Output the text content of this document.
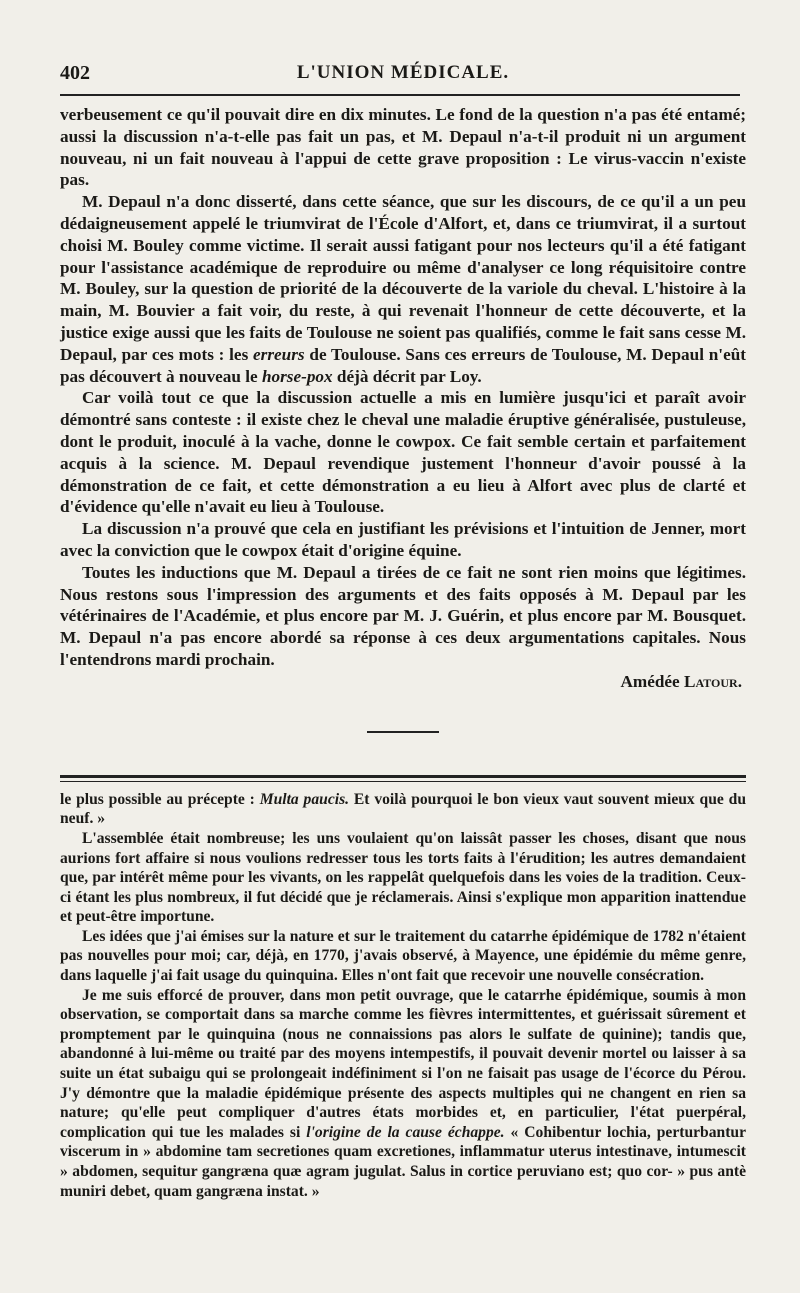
402	L'UNION MÉDICALE.

verbeusement ce qu'il pouvait dire en dix minutes. Le fond de la question n'a pas été entamé; aussi la discussion n'a-t-elle pas fait un pas, et M. Depaul n'a-t-il produit ni un argument nouveau, ni un fait nouveau à l'appui de cette grave proposition : Le virus-vaccin n'existe pas.

M. Depaul n'a donc disserté, dans cette séance, que sur les discours, de ce qu'il a un peu dédaigneusement appelé le triumvirat de l'École d'Alfort, et, dans ce triumvirat, il a surtout choisi M. Bouley comme victime. Il serait aussi fatigant pour nos lecteurs qu'il a été fatigant pour l'assistance académique de reproduire ou même d'analyser ce long réquisitoire contre M. Bouley, sur la question de priorité de la découverte de la variole du cheval. L'histoire à la main, M. Bouvier a fait voir, du reste, à qui revenait l'honneur de cette découverte, et la justice exige aussi que les faits de Toulouse ne soient pas qualifiés, comme le fait sans cesse M. Depaul, par ces mots : les erreurs de Toulouse. Sans ces erreurs de Toulouse, M. Depaul n'eût pas découvert à nouveau le horse-pox déjà décrit par Loy.

Car voilà tout ce que la discussion actuelle a mis en lumière jusqu'ici et paraît avoir démontré sans conteste : il existe chez le cheval une maladie éruptive généralisée, pustuleuse, dont le produit, inoculé à la vache, donne le cowpox. Ce fait semble certain et parfaitement acquis à la science. M. Depaul revendique justement l'honneur d'avoir poussé à la démonstration de ce fait, et cette démonstration a eu lieu à Alfort avec plus de clarté et d'évidence qu'elle n'avait eu lieu à Toulouse.

La discussion n'a prouvé que cela en justifiant les prévisions et l'intuition de Jenner, mort avec la conviction que le cowpox était d'origine équine.

Toutes les inductions que M. Depaul a tirées de ce fait ne sont rien moins que légitimes. Nous restons sous l'impression des arguments et des faits opposés à M. Depaul par les vétérinaires de l'Académie, et plus encore par M. J. Guérin, et plus encore par M. Bousquet. M. Depaul n'a pas encore abordé sa réponse à ces deux argumentations capitales. Nous l'entendrons mardi prochain.

Amédée Latour.

le plus possible au précepte : Multa paucis. Et voilà pourquoi le bon vieux vaut souvent mieux que du neuf. »

L'assemblée était nombreuse; les uns voulaient qu'on laissât passer les choses, disant que nous aurions fort affaire si nous voulions redresser tous les torts faits à l'érudition; les autres demandaient que, par intérêt même pour les vivants, on les rappelât quelquefois dans les voies de la tradition. Ceux-ci étant les plus nombreux, il fut décidé que je réclamerais. Ainsi s'explique mon apparition inattendue et peut-être importune.

Les idées que j'ai émises sur la nature et sur le traitement du catarrhe épidémique de 1782 n'étaient pas nouvelles pour moi; car, déjà, en 1770, j'avais observé, à Mayence, une épidémie du même genre, dans laquelle j'ai fait usage du quinquina. Elles n'ont fait que recevoir une nouvelle consécration.

Je me suis efforcé de prouver, dans mon petit ouvrage, que le catarrhe épidémique, soumis à mon observation, se comportait dans sa marche comme les fièvres intermittentes, et guérissait sûrement et promptement par le quinquina (nous ne connaissions pas alors le sulfate de quinine); tandis que, abandonné à lui-même ou traité par des moyens intempestifs, il pouvait devenir mortel ou laisser à sa suite un état subaigu qui se prolongeait indéfiniment si l'on ne faisait pas usage de l'écorce du Pérou. J'y démontre que la maladie épidémique présente des aspects multiples qui ne changent en rien sa nature; qu'elle peut compliquer d'autres états morbides et, en particulier, l'état puerpéral, complication qui tue les malades si l'origine de la cause échappe. « Cohibentur lochia, perturbantur viscerum in » abdomine tam secretiones quam excretiones, inflammatur uterus intestinave, intumescit » abdomen, sequitur gangræna quæ agram jugulat. Salus in cortice peruviano est; quo cor- » pus antè muniri debet, quam gangræna instat. »
